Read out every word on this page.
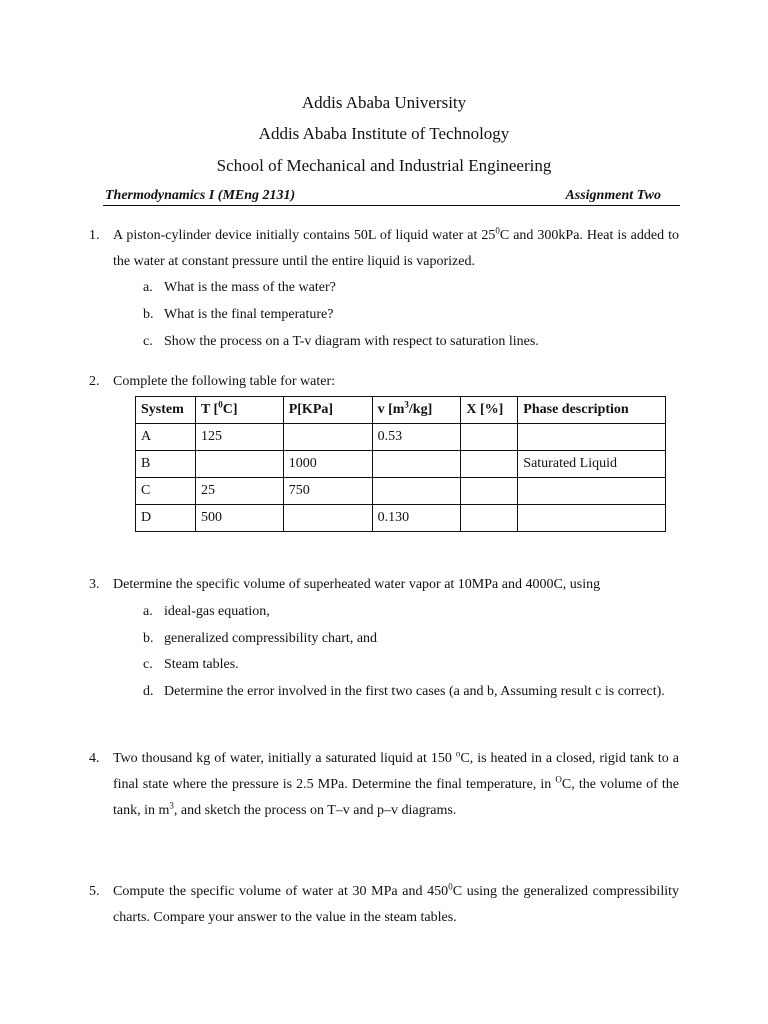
Addis Ababa University
Addis Ababa Institute of Technology
School of Mechanical and Industrial Engineering
Thermodynamics I (MEng 2131)	Assignment Two
1. A piston-cylinder device initially contains 50L of liquid water at $25^0C$ and 300kPa. Heat is added to the water at constant pressure until the entire liquid is vaporized.
a. What is the mass of the water?
b. What is the final temperature?
c. Show the process on a T-v diagram with respect to saturation lines.
2. Complete the following table for water:
System	T [$^0$C]	P[KPa]	v $[m^3/kg]$	X [%]	Phase description
A	125		0.53		
B		1000			Saturated Liquid
C	25	750			
D	500		0.130		
3. Determine the specific volume of superheated water vapor at 10MPa and 4000C, using
a. ideal-gas equation,
b. generalized compressibility chart, and
c. Steam tables.
d. Determine the error involved in the first two cases (a and b, Assuming result c is correct).
4. Two thousand kg of water, initially a saturated liquid at 150 $^o$C, is heated in a closed, rigid tank to a final state where the pressure is 2.5 MPa. Determine the final temperature, in $^O$C, the volume of the tank, in $m^3$, and sketch the process on T–v and p–v diagrams.
5. Compute the specific volume of water at 30 MPa and $450^0C$ using the generalized compressibility charts. Compare your answer to the value in the steam tables.
